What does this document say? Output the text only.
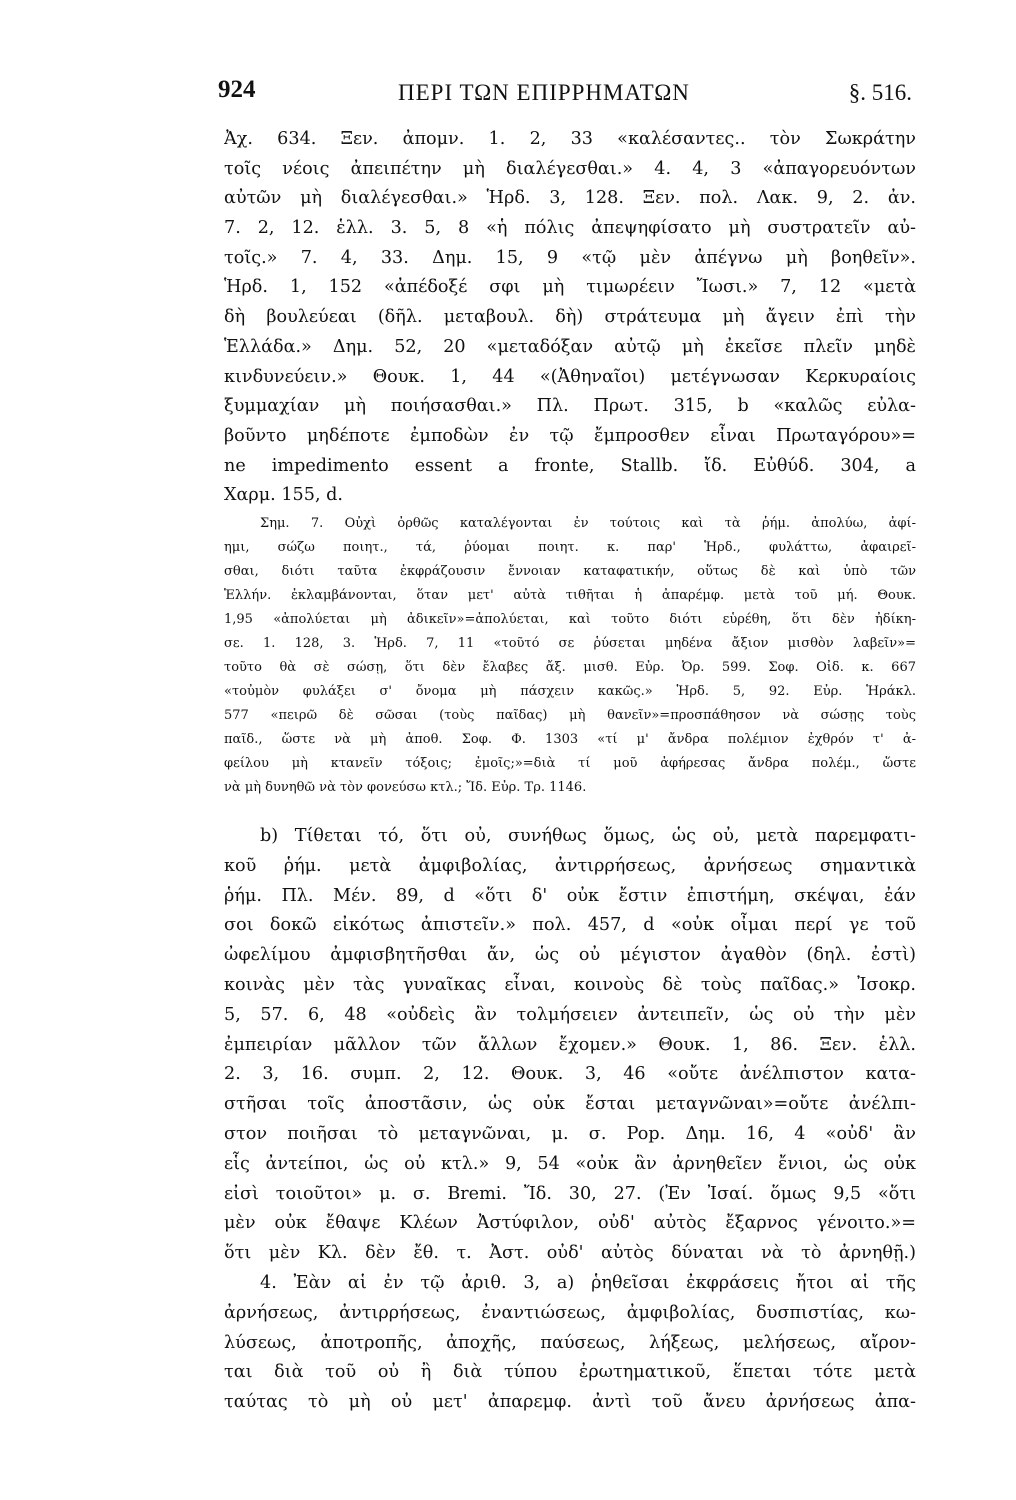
924	ΠΕΡΙ ΤΩΝ ΕΠΙΡΡΗΜΑΤΩΝ	§. 516.
Ἀχ. 634. Ξεν. ἀπομν. 1. 2, 33 «καλέσαντες.. τὸν Σωκράτην
τοῖς νέοις ἀπειπέτην μὴ διαλέγεσθαι.» 4. 4, 3 «ἀπαγορευόντων
αὐτῶν μὴ διαλέγεσθαι.» Ἡρδ. 3, 128. Ξεν. πολ. Λακ. 9, 2. ἀν.
7. 2, 12. ἑλλ. 3. 5, 8 «ἡ πόλις ἀπεψηφίσατο μὴ συστρατεῖν αὐ-
τοῖς.» 7. 4, 33. Δημ. 15, 9 «τῷ μὲν ἀπέγνω μὴ βοηθεῖν».
Ἡρδ. 1, 152 «ἀπέδοξέ σφι μὴ τιμωρέειν Ἴωσι.» 7, 12 «μετὰ
δὴ βουλεύεαι (δῆλ. μεταβουλ. δὴ) στράτευμα μὴ ἄγειν ἐπὶ τὴν
Ἑλλάδα.» Δημ. 52, 20 «μεταδόξαν αὐτῷ μὴ ἐκεῖσε πλεῖν μηδὲ
κινδυνεύειν.» Θουκ. 1, 44 «(Ἀθηναῖοι) μετέγνωσαν Κερκυραίοις
ξυμμαχίαν μὴ ποιήσασθαι.» Πλ. Πρωτ. 315, b «καλῶς εὐλα-
βοῦντο μηδέποτε ἐμποδὼν ἐν τῷ ἔμπροσθεν εἶναι Πρωταγόρου»=
ne impedimento essent a fronte, Stallb. ἴδ. Εὐθύδ. 304, a
Χαρμ. 155, d.
Σημ. 7. Οὐχὶ ὀρθῶς καταλέγονται ἐν τούτοις καὶ τὰ ῥήμ. ἀπολύω, ἀφί-
ημι, σώζω ποιητ., τά, ῥύομαι ποιητ. κ. παρ' Ἡρδ., φυλάττω, ἀφαιρεῖ-
σθαι, διότι ταῦτα ἐκφράζουσιν ἔννοιαν καταφατικήν, οὕτως δὲ καὶ ὑπὸ τῶν
Ἑλλήν. ἐκλαμβάνονται, ὅταν μετ' αὐτὰ τιθῆται ἡ ἀπαρέμφ. μετὰ τοῦ μή. Θουκ.
1,95 «ἀπολύεται μὴ ἀδικεῖν»=ἀπολύεται, καὶ τοῦτο διότι εὑρέθη, ὅτι δὲν ἠδίκη-
σε. 1. 128, 3. Ἡρδ. 7, 11 «τοῦτό σε ῥύσεται μηδένα ἄξιον μισθὸν λαβεῖν»=
τοῦτο θὰ σὲ σώσῃ, ὅτι δὲν ἔλαβες ἄξ. μισθ. Εὐρ. Ὀρ. 599. Σοφ. Οἰδ. κ. 667
«τοὐμὸν φυλάξει σ' ὄνομα μὴ πάσχειν κακῶς.» Ἡρδ. 5, 92. Εὐρ. Ἡράκλ.
577 «πειρῶ δὲ σῶσαι (τοὺς παῖδας) μὴ θανεῖν»=προσπάθησον νὰ σώσῃς τοὺς
παῖδ., ὥστε νὰ μὴ ἀποθ. Σοφ. Φ. 1303 «τί μ' ἄνδρα πολέμιον ἐχθρόν τ' ἀ-
φείλου μὴ κτανεῖν τόξοις; ἐμοῖς;»=διὰ τί μοῦ ἀφήρεσας ἄνδρα πολέμ., ὥστε
νὰ μὴ δυνηθῶ νὰ τὸν φονεύσω κτλ.; Ἴδ. Εὐρ. Τρ. 1146.
b) Τίθεται τό, ὅτι οὐ, συνήθως ὅμως, ὡς οὐ, μετὰ παρεμφατι-
κοῦ ῥήμ. μετὰ ἀμφιβολίας, ἀντιρρήσεως, ἀρνήσεως σημαντικὰ
ῥήμ. Πλ. Μέν. 89, d «ὅτι δ' οὐκ ἔστιν ἐπιστήμη, σκέψαι, ἐάν
σοι δοκῶ εἰκότως ἀπιστεῖν.» πολ. 457, d «οὐκ οἶμαι περί γε τοῦ
ὠφελίμου ἀμφισβητῆσθαι ἄν, ὡς οὐ μέγιστον ἀγαθὸν (δηλ. ἐστὶ)
κοινὰς μὲν τὰς γυναῖκας εἶναι, κοινοὺς δὲ τοὺς παῖδας.» Ἰσοκρ.
5, 57. 6, 48 «οὐδεὶς ἂν τολμήσειεν ἀντειπεῖν, ὡς οὐ τὴν μὲν
ἐμπειρίαν μᾶλλον τῶν ἄλλων ἔχομεν.» Θουκ. 1, 86. Ξεν. ἑλλ.
2. 3, 16. συμπ. 2, 12. Θουκ. 3, 46 «οὔτε ἀνέλπιστον κατα-
στῆσαι τοῖς ἀποστᾶσιν, ὡς οὐκ ἔσται μεταγνῶναι»=οὔτε ἀνέλπι-
στον ποιῆσαι τὸ μεταγνῶναι, μ. σ. Pop. Δημ. 16, 4 «οὐδ' ἂν
εἷς ἀντείποι, ὡς οὐ κτλ.» 9, 54 «οὐκ ἂν ἀρνηθεῖεν ἔνιοι, ὡς οὐκ
εἰσὶ τοιοῦτοι» μ. σ. Bremi. Ἴδ. 30, 27. (Ἐν Ἰσαί. ὅμως 9,5 «ὅτι
μὲν οὐκ ἔθαψε Κλέων Ἀστύφιλον, οὐδ' αὐτὸς ἔξαρνος γένοιτο.»=
ὅτι μὲν Κλ. δὲν ἔθ. τ. Ἀστ. οὐδ' αὐτὸς δύναται νὰ τὸ ἀρνηθῇ.)
4. Ἐὰν αἱ ἐν τῷ ἀριθ. 3, a) ῥηθεῖσαι ἐκφράσεις ἤτοι αἱ τῆς
ἀρνήσεως, ἀντιρρήσεως, ἐναντιώσεως, ἀμφιβολίας, δυσπιστίας, κω-
λύσεως, ἀποτροπῆς, ἀποχῆς, παύσεως, λήξεως, μελήσεως, αἴρον-
ται διὰ τοῦ οὐ ἢ διὰ τύπου ἐρωτηματικοῦ, ἕπεται τότε μετὰ
ταύτας τὸ μὴ οὐ μετ' ἀπαρεμφ. ἀντὶ τοῦ ἄνευ ἀρνήσεως ἀπα-
